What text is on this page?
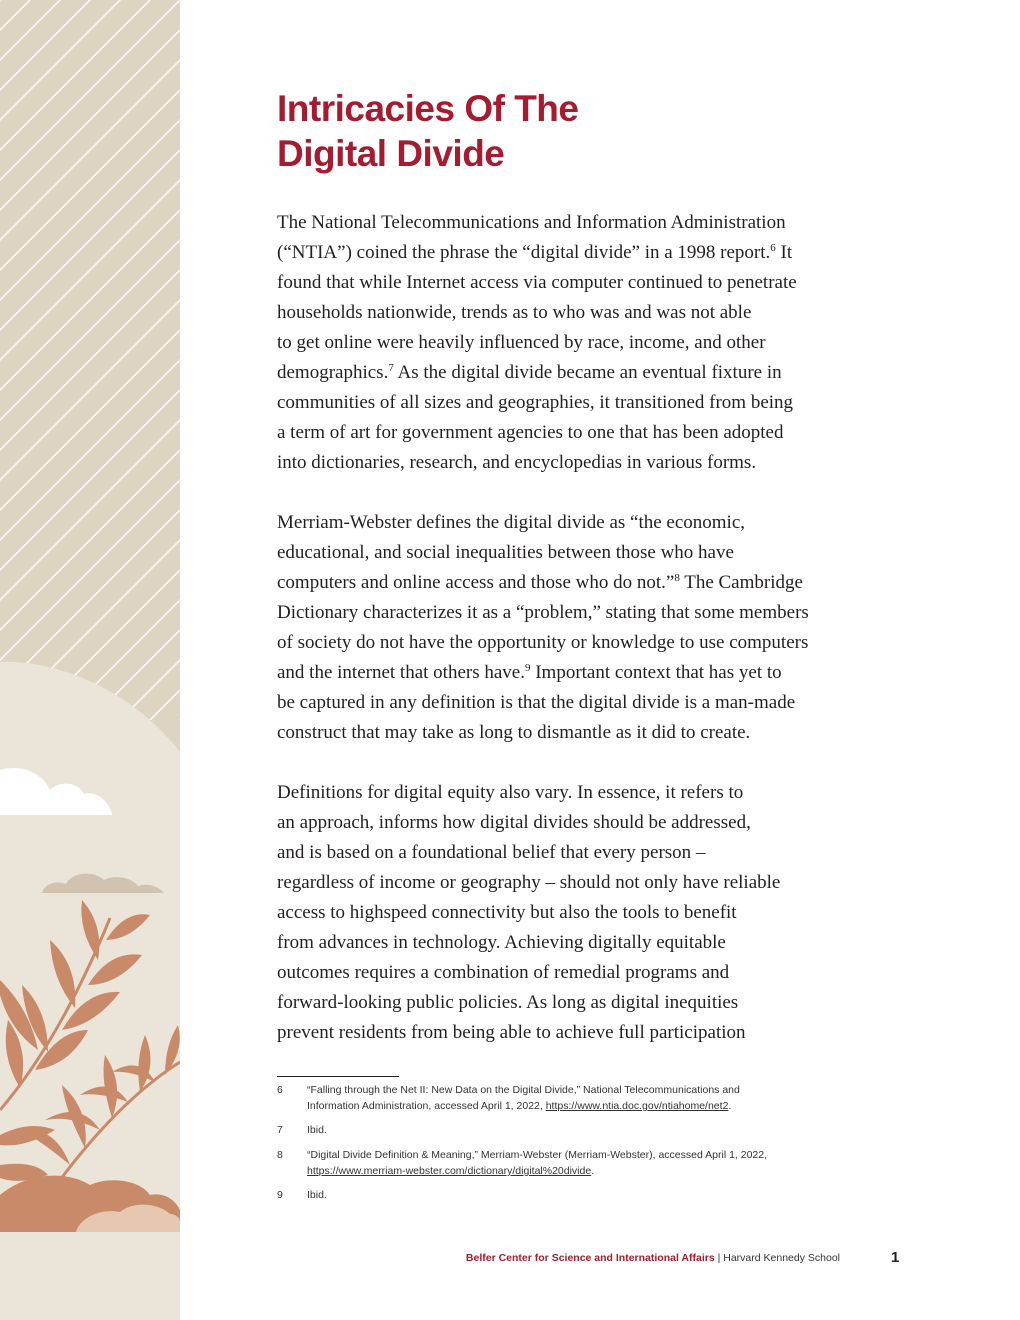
Intricacies Of The
Digital Divide
The National Telecommunications and Information Administration
(“NTIA”) coined the phrase the “digital divide” in a 1998 report.$^6$ It
found that while Internet access via computer continued to penetrate
households nationwide, trends as to who was and was not able
to get online were heavily influenced by race, income, and other
demographics.$^7$ As the digital divide became an eventual fixture in
communities of all sizes and geographies, it transitioned from being
a term of art for government agencies to one that has been adopted
into dictionaries, research, and encyclopedias in various forms.
Merriam-Webster defines the digital divide as “the economic,
educational, and social inequalities between those who have
computers and online access and those who do not.”$^8$ The Cambridge
Dictionary characterizes it as a “problem,” stating that some members
of society do not have the opportunity or knowledge to use computers
and the internet that others have.$^9$ Important context that has yet to
be captured in any definition is that the digital divide is a man-made
construct that may take as long to dismantle as it did to create.
Definitions for digital equity also vary. In essence, it refers to
an approach, informs how digital divides should be addressed,
and is based on a foundational belief that every person –
regardless of income or geography – should not only have reliable
access to highspeed connectivity but also the tools to benefit
from advances in technology. Achieving digitally equitable
outcomes requires a combination of remedial programs and
forward-looking public policies. As long as digital inequities
prevent residents from being able to achieve full participation
6 “Falling through the Net II: New Data on the Digital Divide,” National Telecommunications and
Information Administration, accessed April 1, 2022, https://www.ntia.doc.gov/ntiahome/net2.
7 Ibid.
8 “Digital Divide Definition & Meaning,” Merriam-Webster (Merriam-Webster), accessed April 1, 2022,
https://www.merriam-webster.com/dictionary/digital%20divide.
9 Ibid.
Belfer Center for Science and International Affairs | Harvard Kennedy School	1
